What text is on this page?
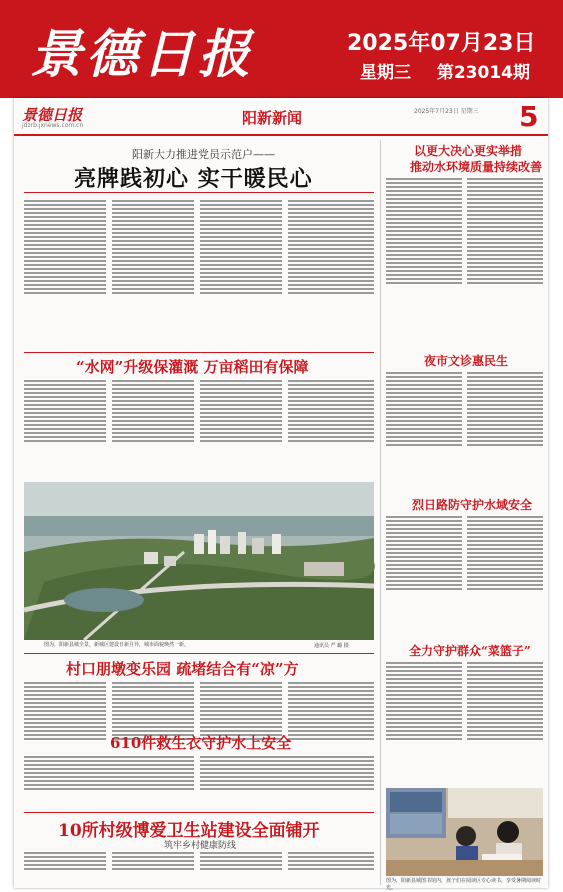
景德日报	2025年07月23日
星期三 第23014期
景德日报
jdzrb.jxnews.com.cn	阳新新闻	2025年7月23日 星期三 5
阳新大力推进党员示范户——
亮牌践初心 实干暖民心
以更大决心更实举措
推动水环境质量持续改善
夜市文诊惠民生
烈日路防守护水域安全
全力守护群众“菜篮子”
图为，阳新县城图书馆内，孩子们在阅读区专心读书，享受暑期阅读时光。
“水网”升级保灌溉 万亩稻田有保障
图为，阳新县城全景，新城区建设日新月异，城市面貌焕然一新。	通讯员 严 璐 摄
村口朋墩变乐园 疏堵结合有“凉”方
610件救生衣守护水上安全
10所村级博爱卫生站建设全面铺开
筑牢乡村健康防线
